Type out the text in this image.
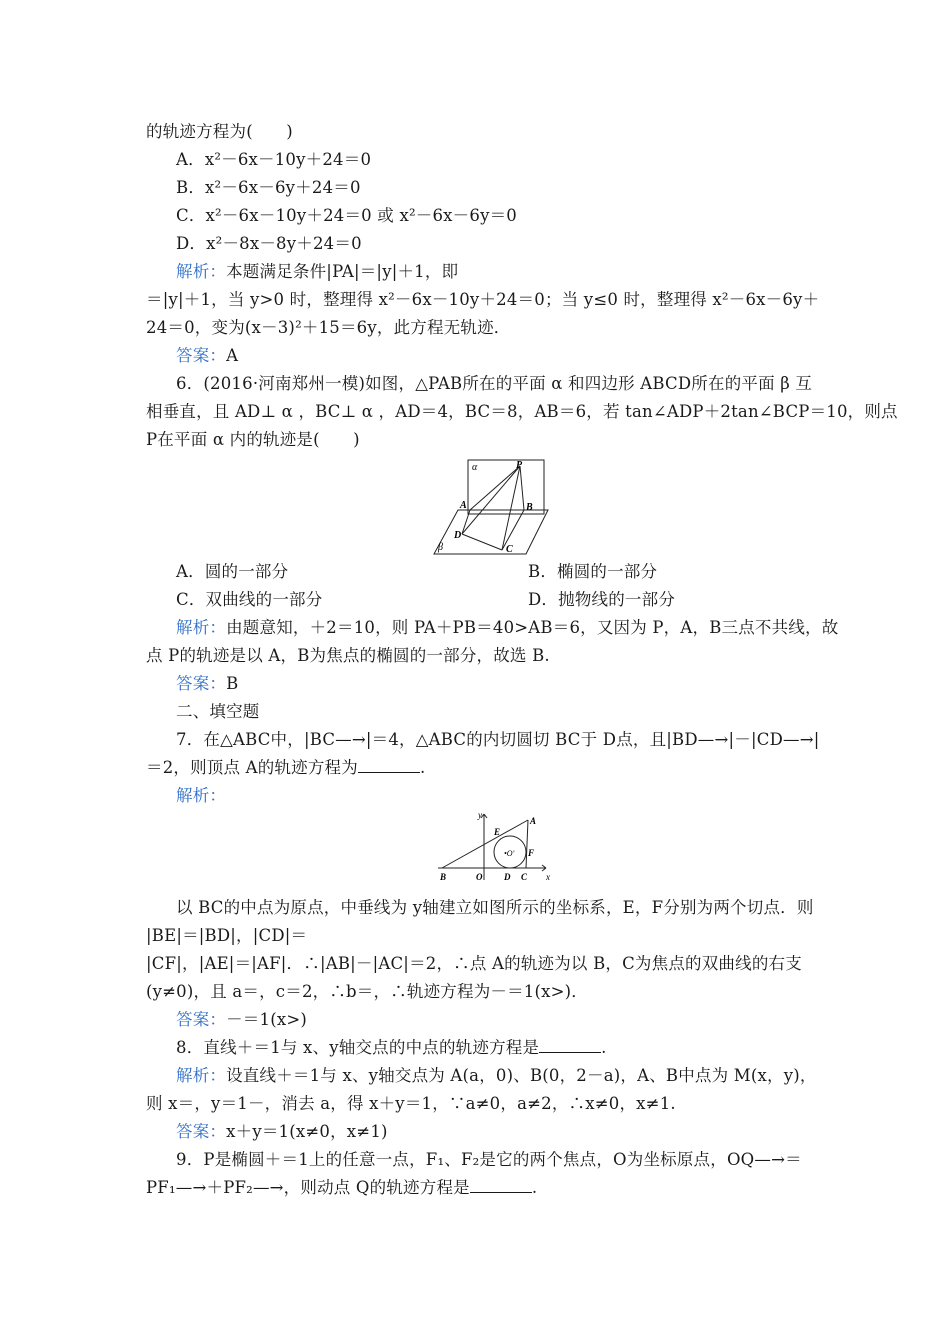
的轨迹方程为(　　)
A．x²－6x－10y＋24＝0
B．x²－6x－6y＋24＝0
C．x²－6x－10y＋24＝0 或 x²－6x－6y＝0
D．x²－8x－8y＋24＝0
解析：本题满足条件|PA|＝|y|＋1，即
＝|y|＋1，当 y>0 时，整理得 x²－6x－10y＋24＝0；当 y≤0 时，整理得 x²－6x－6y＋
24＝0，变为(x－3)²＋15＝6y，此方程无轨迹．
答案：A
6．(2016·河南郑州一模)如图，△PAB所在的平面 α 和四边形 ABCD所在的平面 β 互
相垂直，且 AD⊥ α ，BC⊥ α ，AD＝4，BC＝8，AB＝6，若 tan∠ADP＋2tan∠BCP＝10，则点
P在平面 α 内的轨迹是(　　)
α
β
P
A	B
D
C
A．圆的一部分	B．椭圆的一部分
C．双曲线的一部分	D．抛物线的一部分
解析：由题意知，＋2＝10，则 PA＋PB＝40>AB＝6，又因为 P，A，B三点不共线，故
点 P的轨迹是以 A，B为焦点的椭圆的一部分，故选 B.
答案：B
二、填空题
7．在△ABC中，|BC—→|＝4，△ABC的内切圆切 BC于 D点，且|BD—→|－|CD—→|
＝2，则顶点 A的轨迹方程为	.
解析：
y
x
A
B	O D C
E
F
•O′
以 BC的中点为原点，中垂线为 y轴建立如图所示的坐标系，E，F分别为两个切点．则
|BE|＝|BD|，|CD|＝
|CF|，|AE|＝|AF|．∴|AB|－|AC|＝2，∴点 A的轨迹为以 B，C为焦点的双曲线的右支
(y≠0)，且 a＝，c＝2，∴b＝，∴轨迹方程为－＝1(x>)．
答案：－＝1(x>)
8．直线＋＝1与 x、y轴交点的中点的轨迹方程是	.
解析：设直线＋＝1与 x、y轴交点为 A(a，0)、B(0，2－a)，A、B中点为 M(x，y)，
则 x＝，y＝1－，消去 a，得 x＋y＝1，∵a≠0，a≠2，∴x≠0，x≠1.
答案：x＋y＝1(x≠0，x≠1)
9．P是椭圆＋＝1上的任意一点，F₁、F₂是它的两个焦点，O为坐标原点，OQ—→＝
PF₁—→＋PF₂—→，则动点 Q的轨迹方程是	.
